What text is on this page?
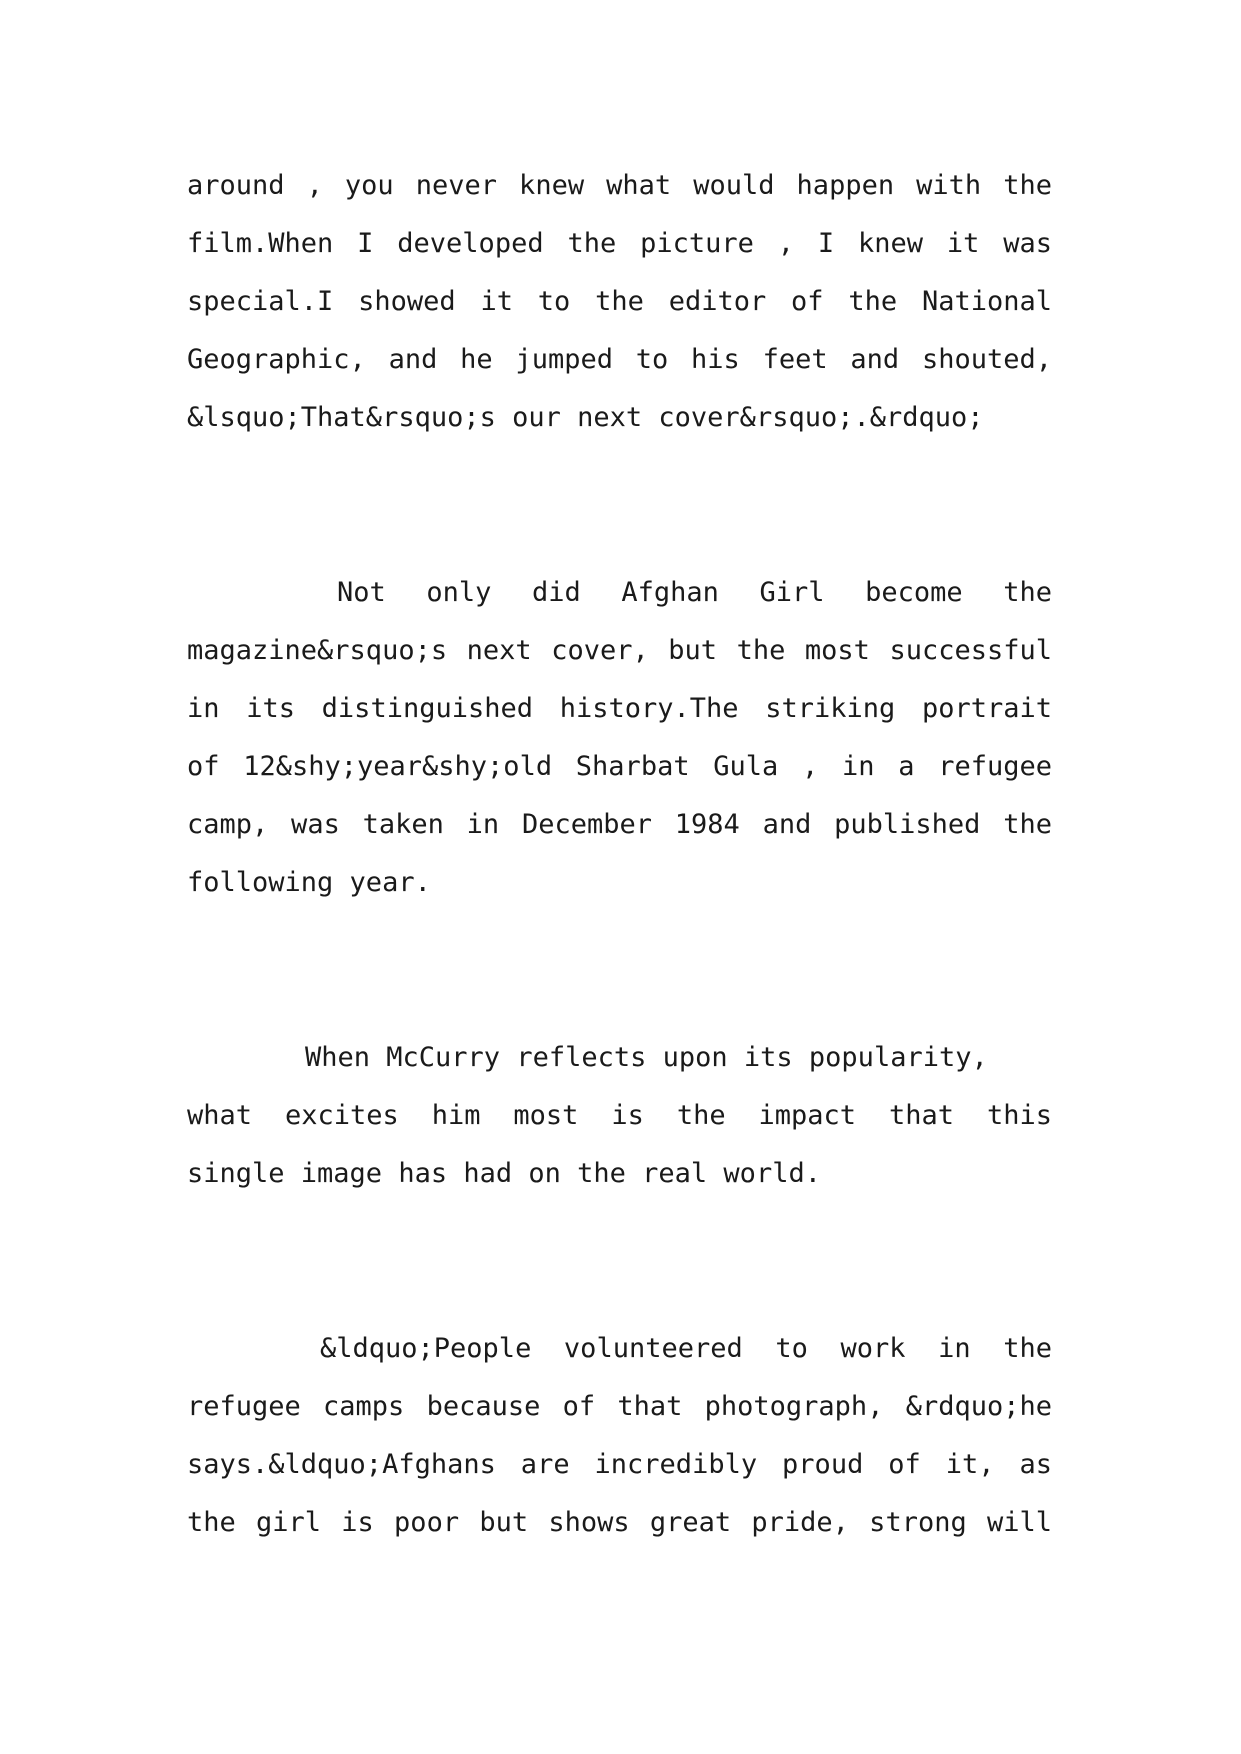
around , you never knew what would happen with the
film.When I developed the picture , I knew it was
special.I showed it to the editor of the National
Geographic, and he jumped to his feet and shouted,
&lsquo;That&rsquo;s our next cover&rsquo;.&rdquo;
Not only did Afghan Girl become the
magazine&rsquo;s next cover, but the most successful
in its distinguished history.The striking portrait
of 12&shy;year&shy;old Sharbat Gula , in a refugee
camp, was taken in December 1984 and published the
following year.
When McCurry reflects upon its popularity,
what excites him most is the impact that this
single image has had on the real world.
&ldquo;People volunteered to work in the
refugee camps because of that photograph, &rdquo;he
says.&ldquo;Afghans are incredibly proud of it, as
the girl is poor but shows great pride, strong will
